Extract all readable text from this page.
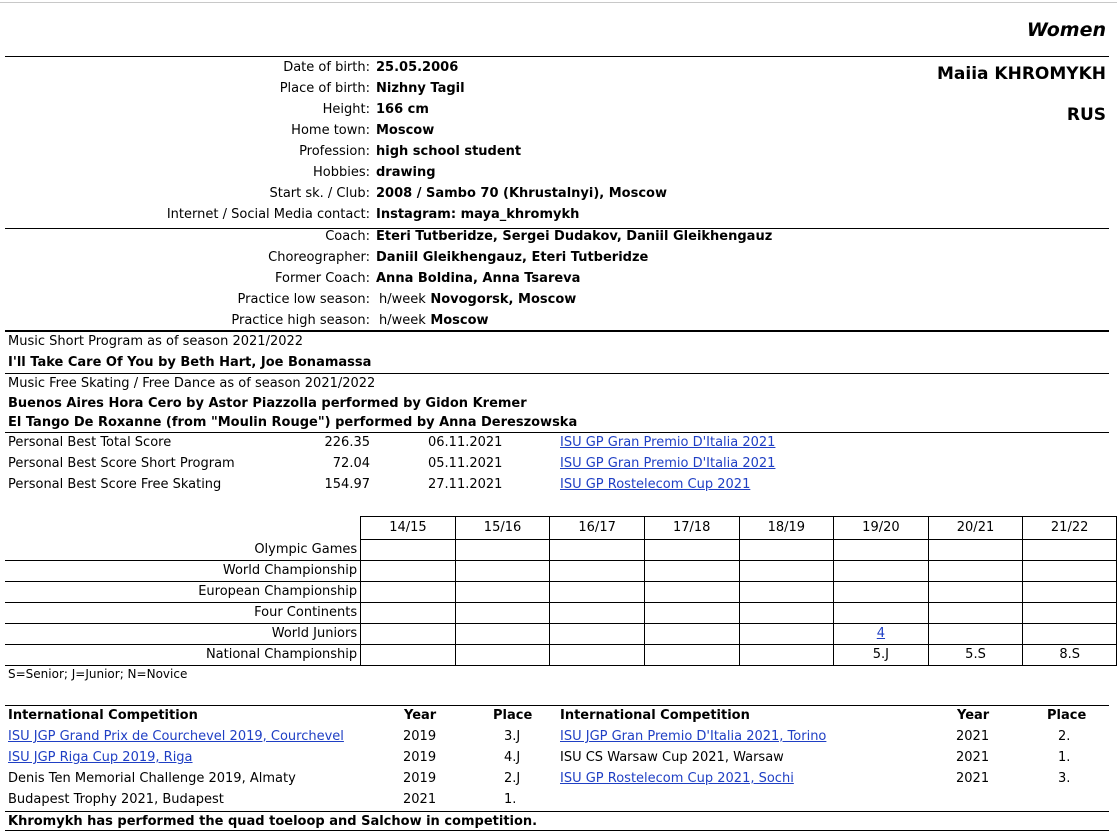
Women
Maiia KHROMYKH
RUS
Date of birth: 25.05.2006
Place of birth: Nizhny Tagil
Height: 166 cm
Home town: Moscow
Profession: high school student
Hobbies: drawing
Start sk. / Club: 2008 / Sambo 70 (Khrustalnyi), Moscow
Internet / Social Media contact: Instagram: maya_khromykh
Coach: Eteri Tutberidze, Sergei Dudakov, Daniil Gleikhengauz
Choreographer: Daniil Gleikhengauz, Eteri Tutberidze
Former Coach: Anna Boldina, Anna Tsareva
Practice low season: h/week Novogorsk, Moscow
Practice high season: h/week Moscow
Music Short Program as of season 2021/2022
I'll Take Care Of You by Beth Hart, Joe Bonamassa
Music Free Skating / Free Dance as of season 2021/2022
Buenos Aires Hora Cero by Astor Piazzolla performed by Gidon Kremer
El Tango De Roxanne (from "Moulin Rouge") performed by Anna Dereszowska
Personal Best Total Score	226.35	06.11.2021	ISU GP Gran Premio D'Italia 2021
Personal Best Score Short Program	72.04	05.11.2021	ISU GP Gran Premio D'Italia 2021
Personal Best Score Free Skating	154.97	27.11.2021	ISU GP Rostelecom Cup 2021
	14/15	15/16	16/17	17/18	18/19	19/20	20/21	21/22
Olympic Games								
World Championship								
European Championship								
Four Continents								
World Juniors						4		
National Championship						5.J	5.S	8.S
S=Senior; J=Junior; N=Novice
International Competition	Year	Place
ISU JGP Grand Prix de Courchevel 2019, Courchevel	2019	3.J
ISU JGP Riga Cup 2019, Riga	2019	4.J
Denis Ten Memorial Challenge 2019, Almaty	2019	2.J
Budapest Trophy 2021, Budapest	2021	1.
International Competition	Year	Place
ISU JGP Gran Premio D'Italia 2021, Torino	2021	2.
ISU CS Warsaw Cup 2021, Warsaw	2021	1.
ISU GP Rostelecom Cup 2021, Sochi	2021	3.
Khromykh has performed the quad toeloop and Salchow in competition.
